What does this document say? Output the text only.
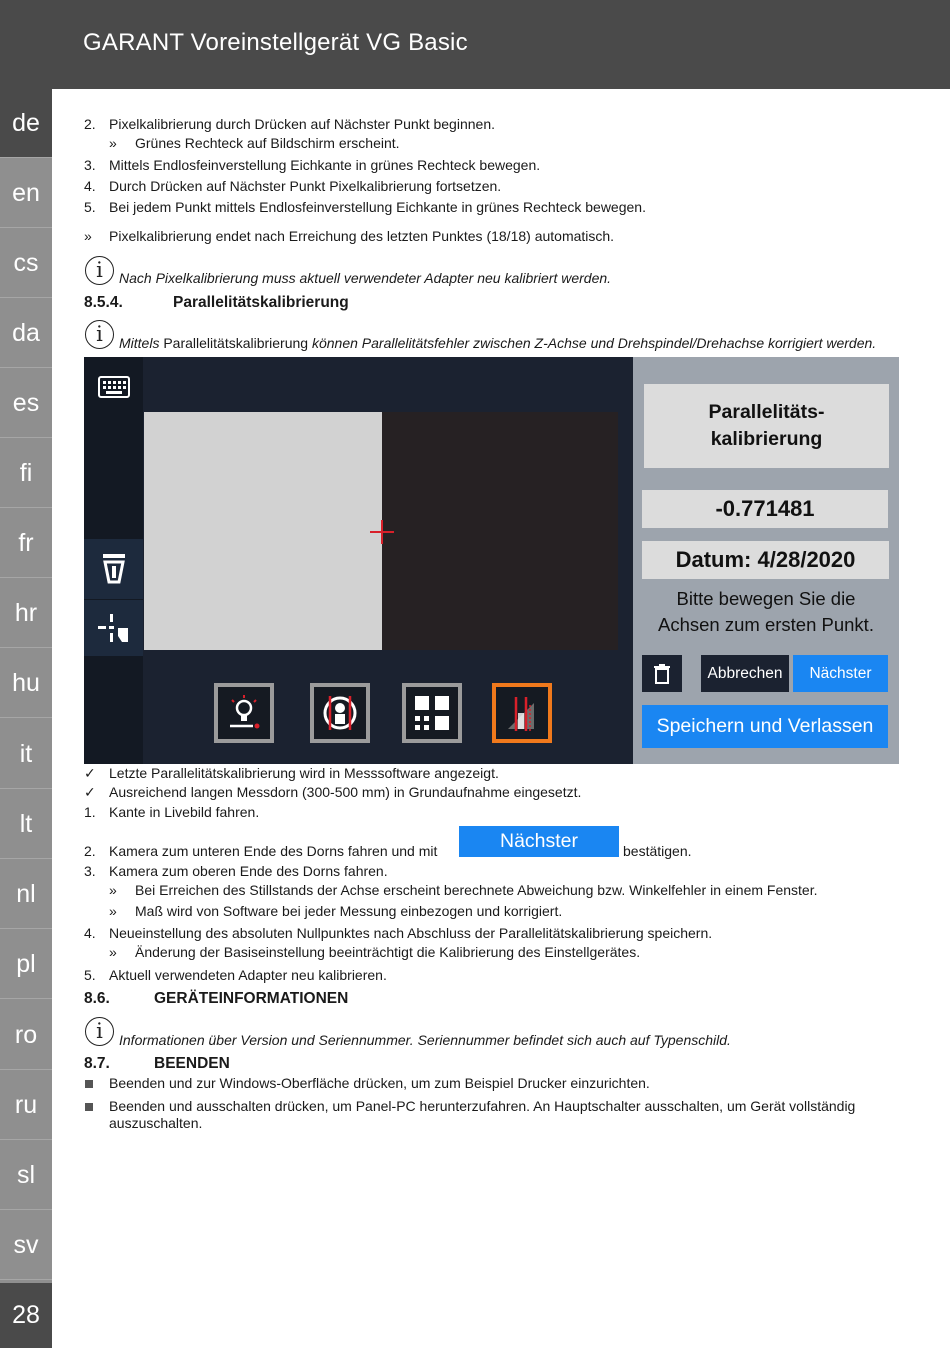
GARANT Voreinstellgerät VG Basic
de
en
cs
da
es
fi
fr
hr
hu
it
lt
nl
pl
ro
ru
sl
sv
28
2. Pixelkalibrierung durch Drücken auf Nächster Punkt beginnen.
» Grünes Rechteck auf Bildschirm erscheint.
3. Mittels Endlosfeinverstellung Eichkante in grünes Rechteck bewegen.
4. Durch Drücken auf Nächster Punkt Pixelkalibrierung fortsetzen.
5. Bei jedem Punkt mittels Endlosfeinverstellung Eichkante in grünes Rechteck bewegen.
» Pixelkalibrierung endet nach Erreichung des letzten Punktes (18/18) automatisch.
i	Nach Pixelkalibrierung muss aktuell verwendeter Adapter neu kalibriert werden.
8.5.4.	Parallelitätskalibrierung
i	Mittels Parallelitätskalibrierung können Parallelitätsfehler zwischen Z-Achse und Drehspindel/Drehachse korrigiert werden.
Parallelitäts-
kalibrierung
-0.771481
Datum: 4/28/2020
Bitte bewegen Sie die
Achsen zum ersten Punkt.
Abbrechen	Nächster
Speichern und Verlassen
✓ Letzte Parallelitätskalibrierung wird in Messsoftware angezeigt.
✓ Ausreichend langen Messdorn (300-500 mm) in Grundaufnahme eingesetzt.
1. Kante in Livebild fahren.
2. Kamera zum unteren Ende des Dorns fahren und mit	Nächster	bestätigen.
3. Kamera zum oberen Ende des Dorns fahren.
» Bei Erreichen des Stillstands der Achse erscheint berechnete Abweichung bzw. Winkelfehler in einem Fenster.
» Maß wird von Software bei jeder Messung einbezogen und korrigiert.
4. Neueinstellung des absoluten Nullpunktes nach Abschluss der Parallelitätskalibrierung speichern.
» Änderung der Basiseinstellung beeinträchtigt die Kalibrierung des Einstellgerätes.
5. Aktuell verwendeten Adapter neu kalibrieren.
8.6.	GERÄTEINFORMATIONEN
i	Informationen über Version und Seriennummer. Seriennummer befindet sich auch auf Typenschild.
8.7.	BEENDEN
Beenden und zur Windows-Oberfläche drücken, um zum Beispiel Drucker einzurichten.
Beenden und ausschalten drücken, um Panel-PC herunterzufahren. An Hauptschalter ausschalten, um Gerät vollständig auszuschalten.
